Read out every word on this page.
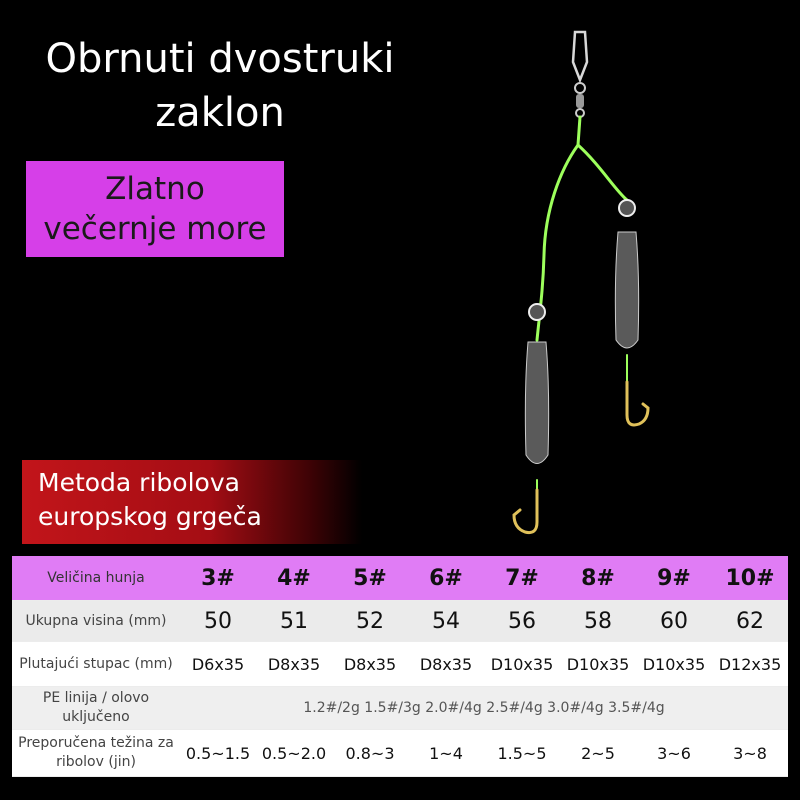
Obrnuti dvostruki
zaklon
Zlatno
večernje more
Metoda ribolova
europskog grgeča
Veličina hunja	3#	4#	5#	6#	7#	8#	9#	10#
Ukupna visina (mm)	50	51	52	54	56	58	60	62
Plutajući stupac (mm)	D6x35	D8x35	D8x35	D8x35	D10x35 D10x35 D10x35 D12x35
PE linija / olovo uključeno
1.2#/2g 1.5#/3g 2.0#/4g 2.5#/4g 3.0#/4g 3.5#/4g
Preporučena težina za ribolov (jin)	0.5~1.5 0.5~2.0	0.8~3	1~4	1.5~5	2~5	3~6	3~8
